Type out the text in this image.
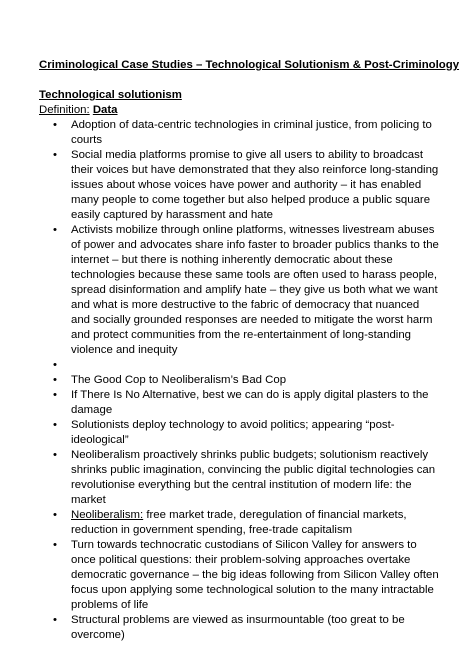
Criminological Case Studies – Technological Solutionism & Post-Criminology

Technological solutionism

Definition: Data

• Adoption of data-centric technologies in criminal justice, from policing to courts
• Social media platforms promise to give all users to ability to broadcast their voices but have demonstrated that they also reinforce long-standing issues about whose voices have power and authority – it has enabled many people to come together but also helped produce a public square easily captured by harassment and hate
• Activists mobilize through online platforms, witnesses livestream abuses of power and advocates share info faster to broader publics thanks to the internet – but there is nothing inherently democratic about these technologies because these same tools are often used to harass people, spread disinformation and amplify hate – they give us both what we want and what is more destructive to the fabric of democracy that nuanced and socially grounded responses are needed to mitigate the worst harm and protect communities from the re-entertainment of long-standing violence and inequity
•
• The Good Cop to Neoliberalism’s Bad Cop
• If There Is No Alternative, best we can do is apply digital plasters to the damage
• Solutionists deploy technology to avoid politics; appearing “post-ideological”
• Neoliberalism proactively shrinks public budgets; solutionism reactively shrinks public imagination, convincing the public digital technologies can revolutionise everything but the central institution of modern life: the market
• Neoliberalism: free market trade, deregulation of financial markets, reduction in government spending, free-trade capitalism
• Turn towards technocratic custodians of Silicon Valley for answers to once political questions: their problem-solving approaches overtake democratic governance – the big ideas following from Silicon Valley often focus upon applying some technological solution to the many intractable problems of life
• Structural problems are viewed as insurmountable (too great to be overcome)
